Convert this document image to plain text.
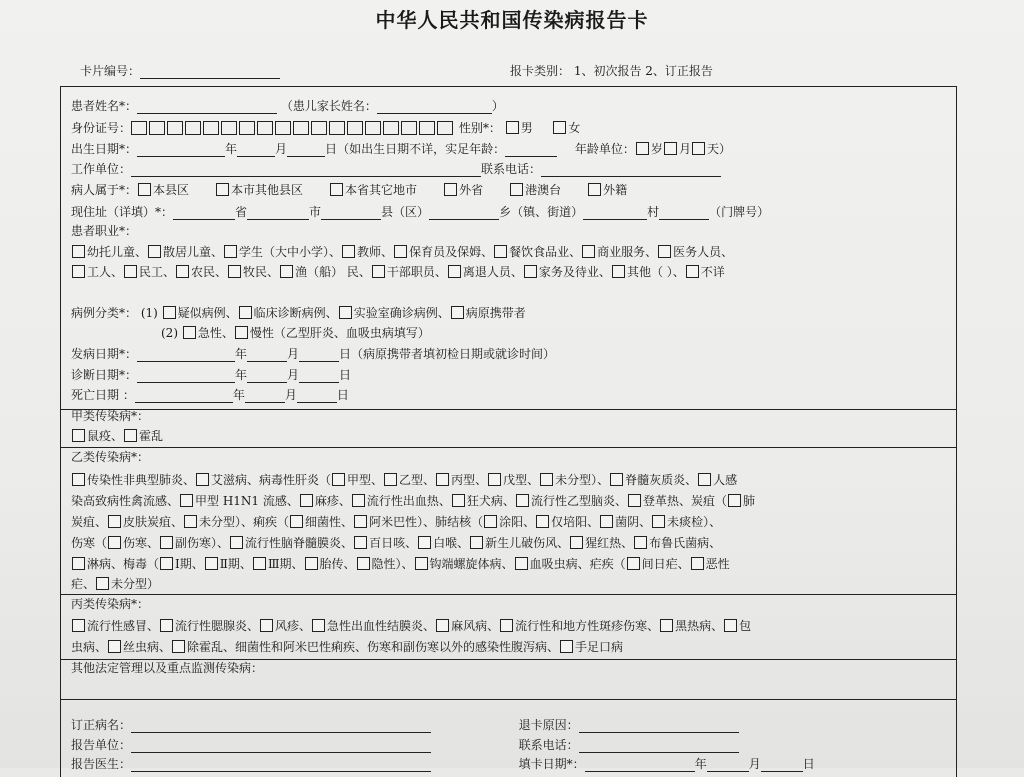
中华人民共和国传染病报告卡
卡片编号：	报卡类别： 1、初次报告 2、订正报告
患者姓名*：	（患儿家长姓名：	）
身份证号：	性别*： 男	女
出生日期*：	年	月	日（如出生日期不详，实足年龄：	年龄单位： 岁 月 天）
工作单位：	联系电话：
病人属于*： 本县区	本市其他县区	本省其它地市	外省	港澳台	外籍
现住址（详填）*：	省	市	县（区）	乡（镇、街道）	村	（门牌号）
患者职业*：
幼托儿童、 散居儿童、 学生（大中小学）、 教师、 保育员及保姆、 餐饮食品业、 商业服务、 医务人员、
工人、 民工、 农民、 牧民、 渔（船） 民、 干部职员、 离退人员、 家务及待业、 其他（ ）、 不详
病例分类*： (1) 疑似病例、 临床诊断病例、 实验室确诊病例、 病原携带者
(2) 急性、 慢性（乙型肝炎、血吸虫病填写）
发病日期*：	年	月	日（病原携带者填初检日期或就诊时间）
诊断日期*：	年	月	日
死亡日期 ：	年	月	日
甲类传染病*：
鼠疫、 霍乱
乙类传染病*：
传染性非典型肺炎、 艾滋病、病毒性肝炎（ 甲型、 乙型、 丙型、 戊型、 未分型）、 脊髓灰质炎、 人感
染高致病性禽流感、 甲型 H1N1 流感、 麻疹、 流行性出血热、 狂犬病、 流行性乙型脑炎、 登革热、炭疽（ 肺
炭疽、 皮肤炭疽、 未分型）、痢疾（ 细菌性、 阿米巴性）、肺结核（ 涂阳、 仅培阳、 菌阴、 未痰检）、
伤寒（ 伤寒、 副伤寒）、 流行性脑脊髓膜炎、 百日咳、 白喉、 新生儿破伤风、 猩红热、 布鲁氏菌病、
淋病、梅毒（ Ⅰ期、 Ⅱ期、 Ⅲ期、 胎传、 隐性）、 钩端螺旋体病、 血吸虫病、疟疾（ 间日疟、 恶性
疟、 未分型）
丙类传染病*：
流行性感冒、 流行性腮腺炎、 风疹、 急性出血性结膜炎、 麻风病、 流行性和地方性斑疹伤寒、 黑热病、 包
虫病、 丝虫病、 除霍乱、细菌性和阿米巴性痢疾、伤寒和副伤寒以外的感染性腹泻病、 手足口病
其他法定管理以及重点监测传染病：
订正病名：	退卡原因：
报告单位：	联系电话：
报告医生：	填卡日期*：	年	月	日
